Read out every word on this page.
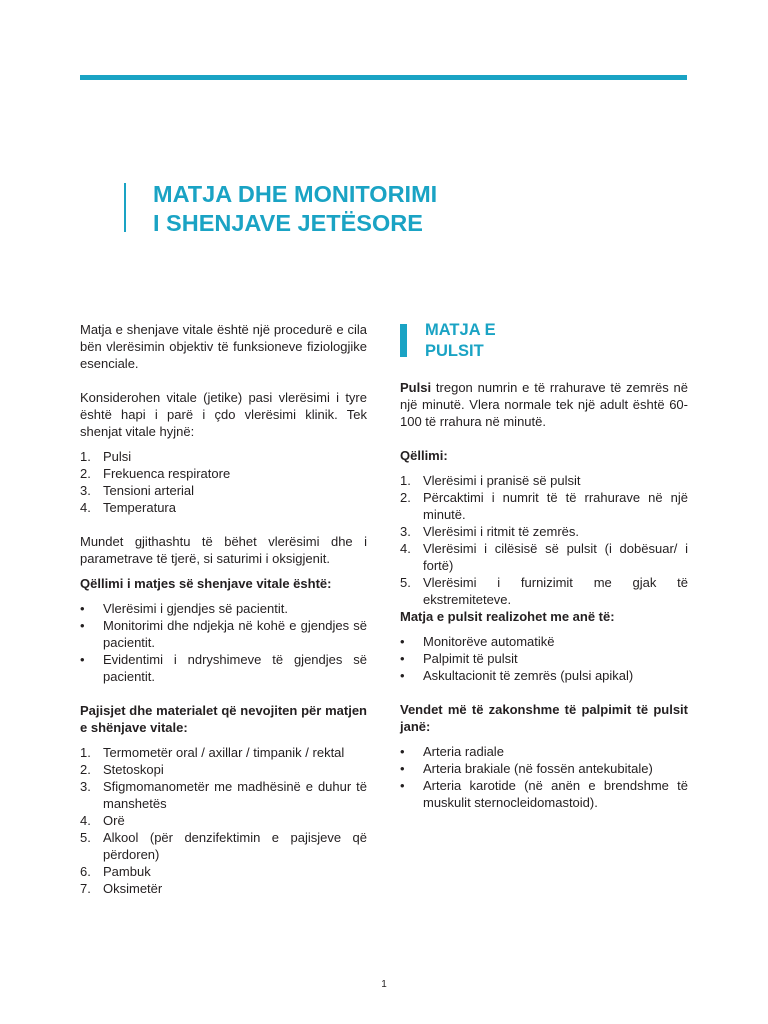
MATJA DHE MONITORIMI
I SHENJAVE JETËSORE

Matja e shenjave vitale është një procedurë e cila bën vlerësimin objektiv të funksioneve fiziologjike esenciale.

Konsiderohen vitale (jetike) pasi vlerësimi i tyre është hapi i parë i çdo vlerësimi klinik. Tek shenjat vitale hyjnë:

1. Pulsi
2. Frekuenca respiratore
3. Tensioni arterial
4. Temperatura

Mundet gjithashtu të bëhet vlerësimi dhe i parametrave të tjerë, si saturimi i oksigjenit.

Qëllimi i matjes së shenjave vitale është:

• Vlerësimi i gjendjes së pacientit.
• Monitorimi dhe ndjekja në kohë e gjendjes së pacientit.
• Evidentimi i ndryshimeve të gjendjes së pacientit.

Pajisjet dhe materialet që nevojiten për matjen e shënjave vitale:

1. Termometër oral / axillar / timpanik / rektal
2. Stetoskopi
3. Sfigmomanometër me madhësinë e duhur të manshetës
4. Orë
5. Alkool (për denzifektimin e pajisjeve që përdoren)
6. Pambuk
7. Oksimetër
MATJA E
PULSIT

Pulsi tregon numrin e të rrahurave të zemrës në një minutë. Vlera normale tek një adult është 60-100 të rrahura në minutë.

Qëllimi:

1. Vlerësimi i pranisë së pulsit
2. Përcaktimi i numrit të të rrahurave në një minutë.
3. Vlerësimi i ritmit të zemrës.
4. Vlerësimi i cilësisë së pulsit (i dobësuar/ i fortë)
5. Vlerësimi i furnizimit me gjak të ekstremiteteve.

Matja e pulsit realizohet me anë të:

• Monitorëve automatikë
• Palpimit të pulsit
• Askultacionit të zemrës (pulsi apikal)

Vendet më të zakonshme të palpimit të pulsit janë:

• Arteria radiale
• Arteria brakiale (në fossën antekubitale)
• Arteria karotide (në anën e brendshme të muskulit sternocleidomastoid).
1
